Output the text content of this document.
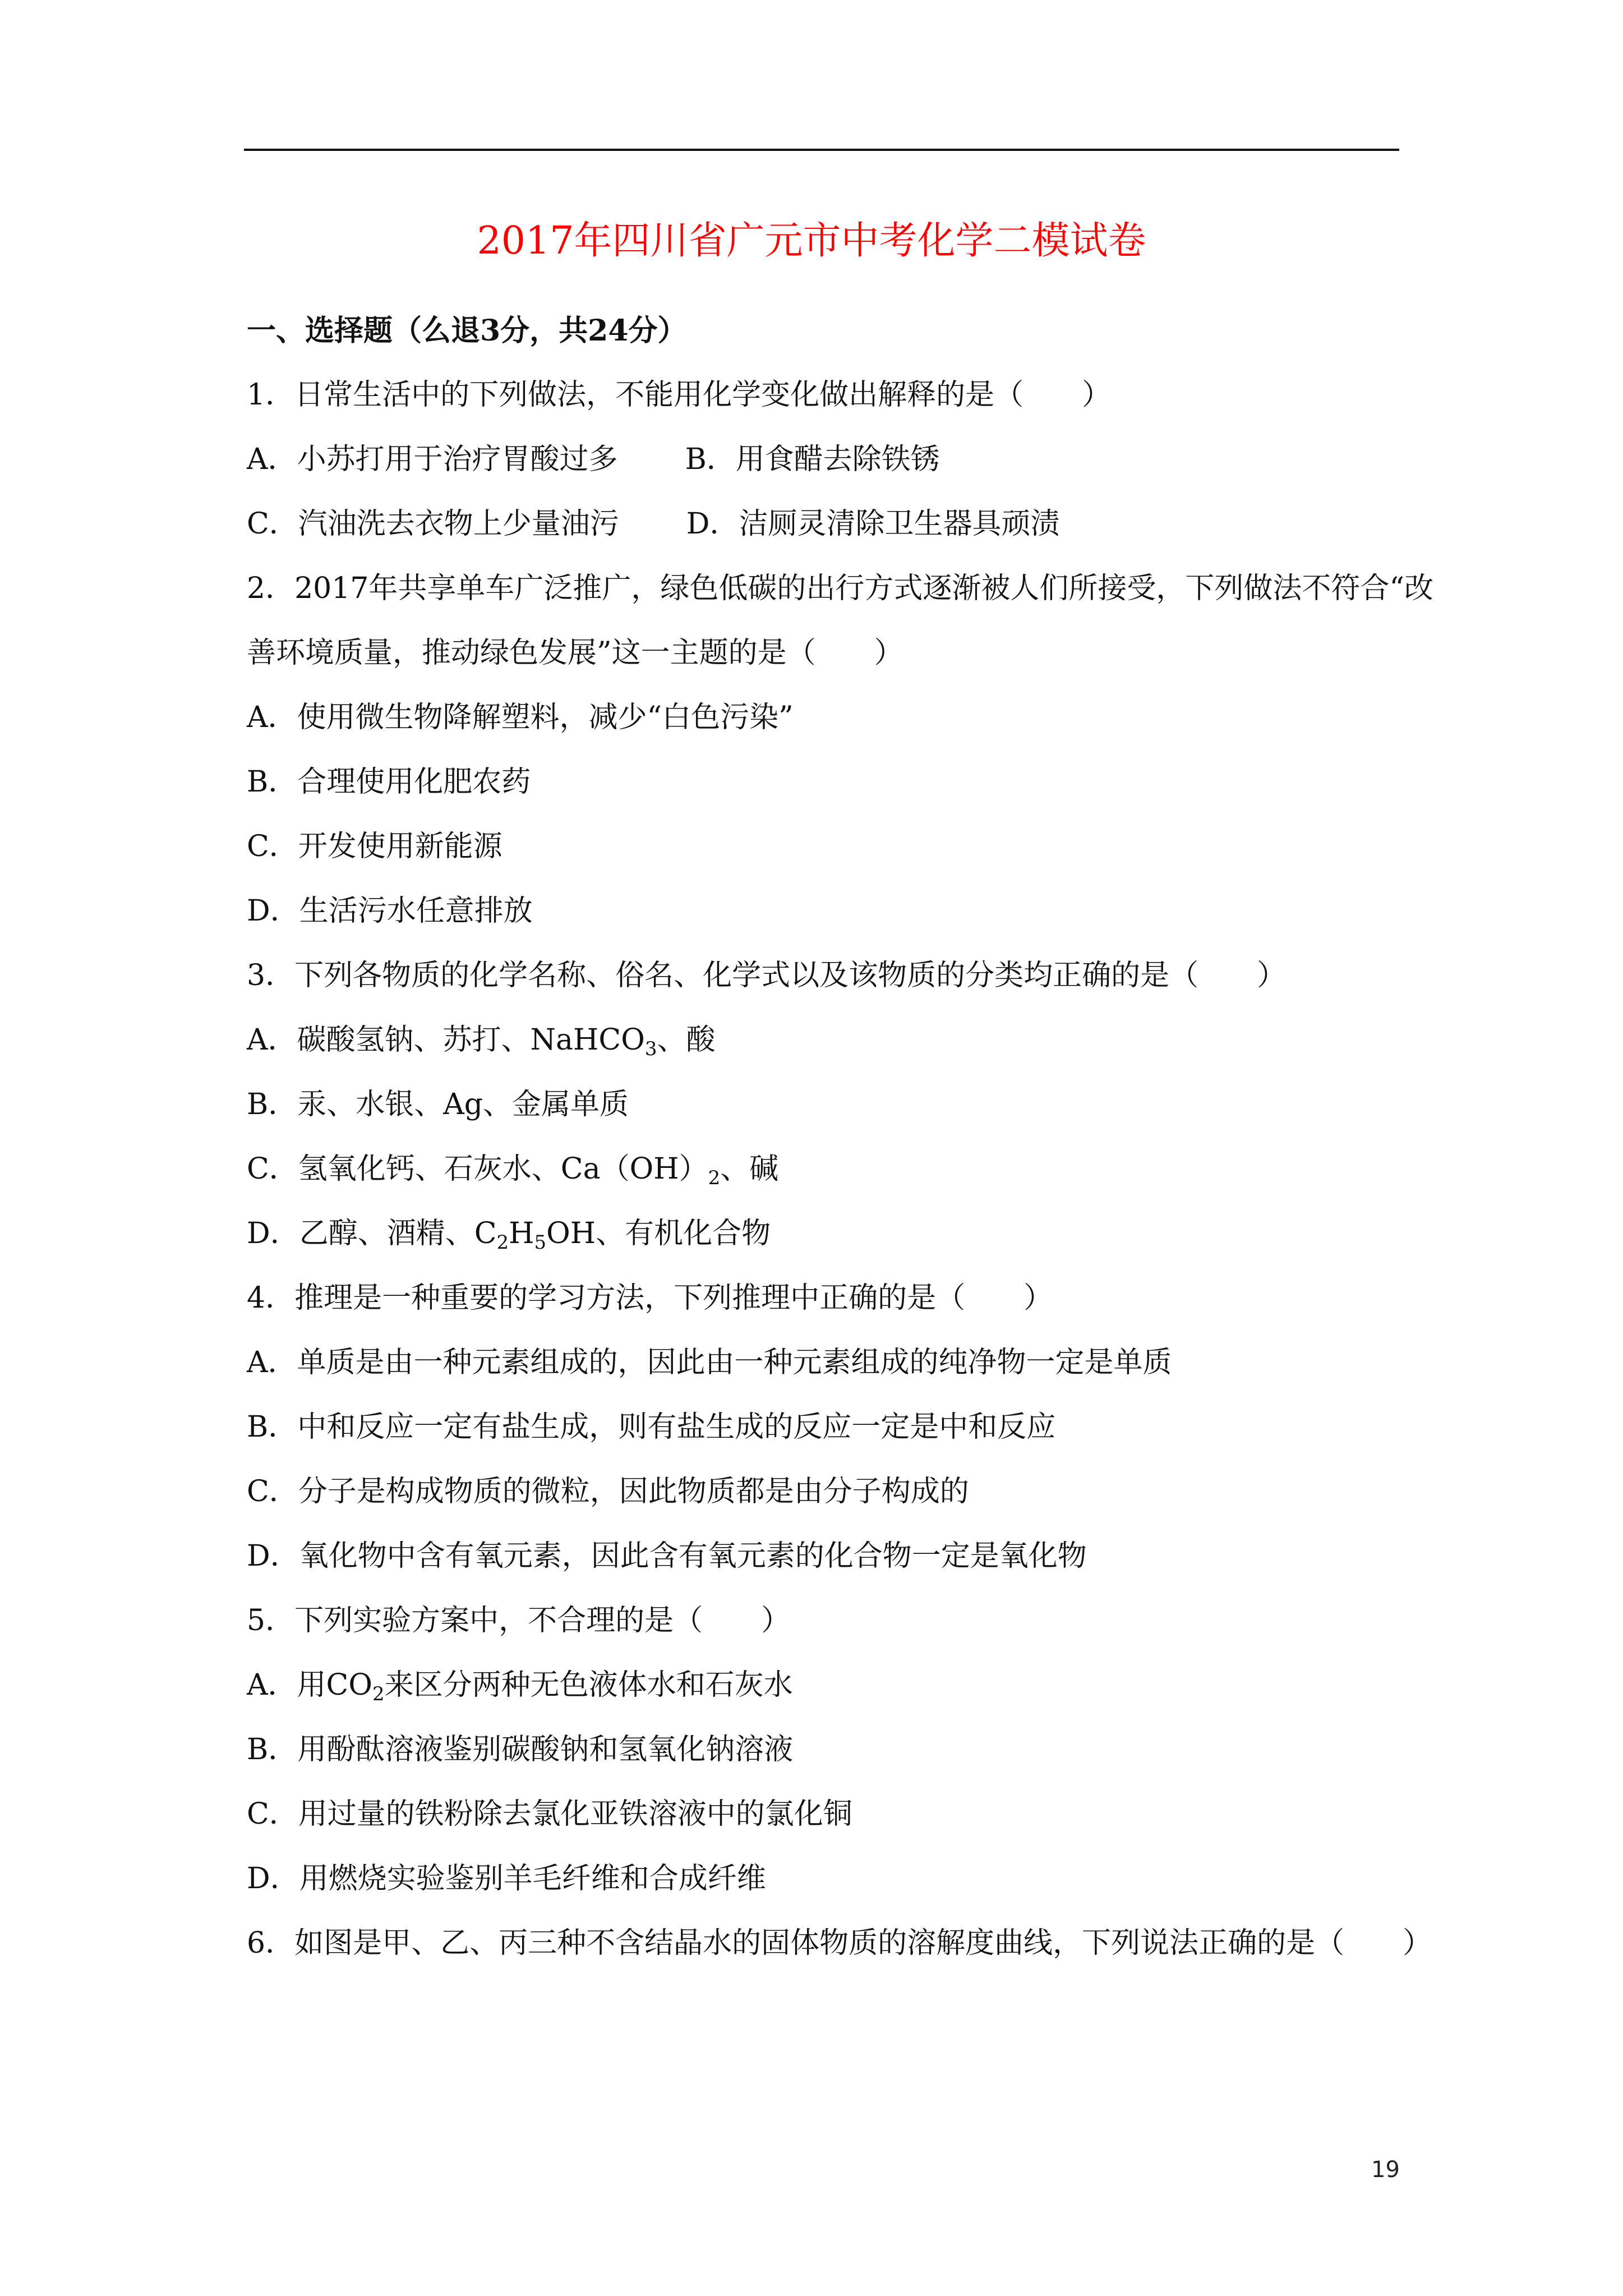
2017年四川省广元市中考化学二模试卷
一、选择题（么退3分，共24分）
1．日常生活中的下列做法，不能用化学变化做出解释的是（　　）
A．小苏打用于治疗胃酸过多 B．用食醋去除铁锈
C．汽油洗去衣物上少量油污 D．洁厕灵清除卫生器具顽渍
2．2017年共享单车广泛推广，绿色低碳的出行方式逐渐被人们所接受，下列做法不符合“改
善环境质量，推动绿色发展”这一主题的是（　　）
A．使用微生物降解塑料，减少“白色污染”
B．合理使用化肥农药
C．开发使用新能源
D．生活污水任意排放
3．下列各物质的化学名称、俗名、化学式以及该物质的分类均正确的是（　　）
A．碳酸氢钠、苏打、NaHCO$_3$、酸
B．汞、水银、Ag、金属单质
C．氢氧化钙、石灰水、$Ca(OH)_2$、碱
D．乙醇、酒精、$C_2H_5OH$、有机化合物
4．推理是一种重要的学习方法，下列推理中正确的是（　　）
A．单质是由一种元素组成的，因此由一种元素组成的纯净物一定是单质
B．中和反应一定有盐生成，则有盐生成的反应一定是中和反应
C．分子是构成物质的微粒，因此物质都是由分子构成的
D．氧化物中含有氧元素，因此含有氧元素的化合物一定是氧化物
5．下列实验方案中，不合理的是（　　）
A．用$CO_2$来区分两种无色液体水和石灰水
B．用酚酞溶液鉴别碳酸钠和氢氧化钠溶液
C．用过量的铁粉除去氯化亚铁溶液中的氯化铜
D．用燃烧实验鉴别羊毛纤维和合成纤维
6．如图是甲、乙、丙三种不含结晶水的固体物质的溶解度曲线，下列说法正确的是（　　）
19
